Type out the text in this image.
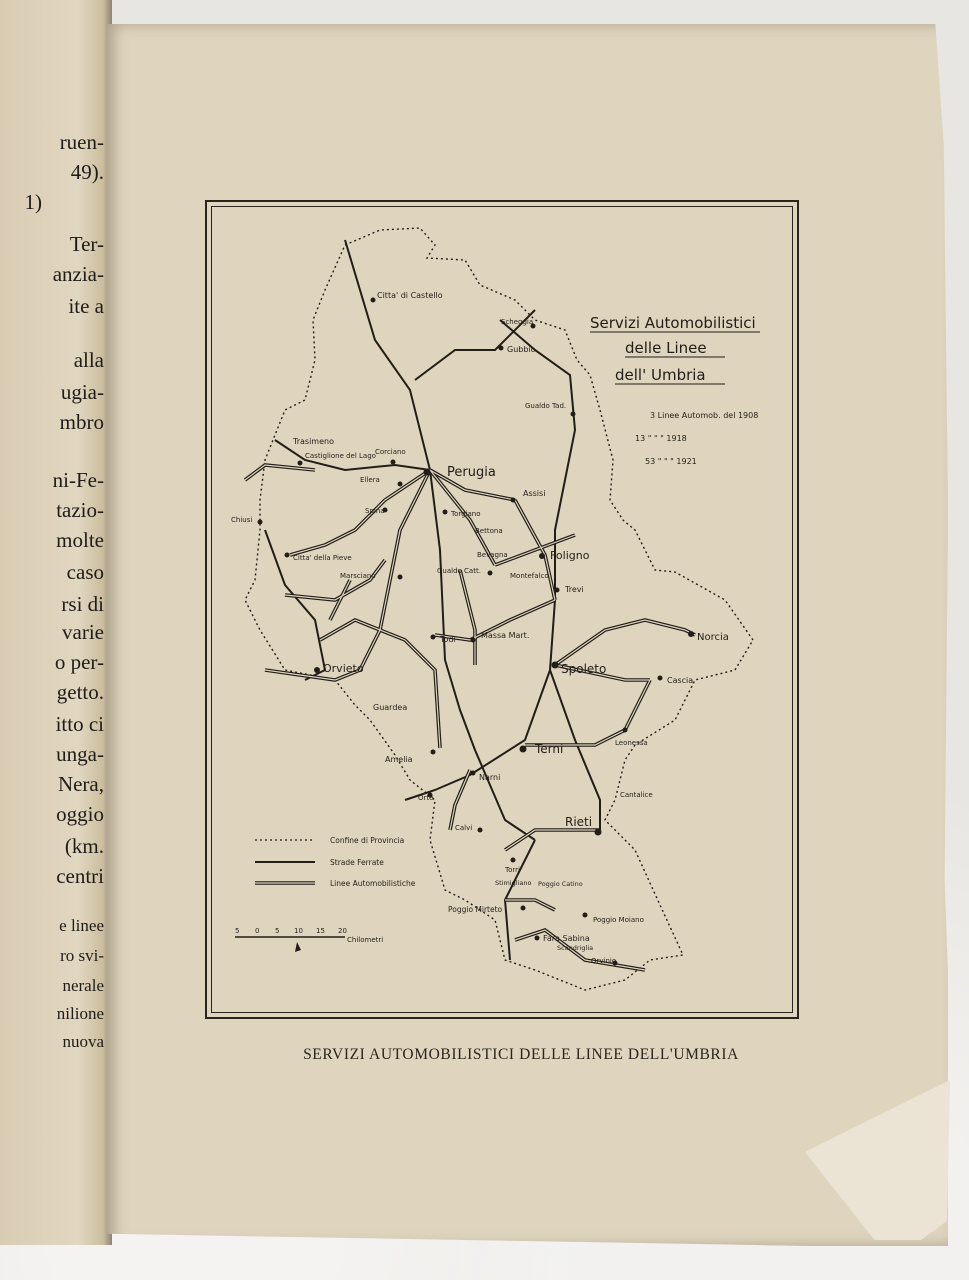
ruen-
49).
1)
Ter-
anzia-
ite a
alla
ugia-
mbro
ni-Fe-
tazio-
molte
caso
rsi di
varie
o per-
getto.
itto ci
unga-
Nera,
oggio
(km.
centri
e linee
ro svi-
nerale
nilione
nuova
Servizi Automobilistici
delle Linee
dell' Umbria
3 Linee Automob. del 1908
13 " " " 1918
53 " " " 1921
Citta' di Castello
Scheggia
Gubbio
Gualdo Tad.
Trasimeno
Castiglione del Lago Corciano
Ellera	Perugia
Assisi
Torgiano
Bettona
Chiusi
Spina
Citta' della Pieve
Marsciano
Bevagna
Gualdo Catt.
Montefalco
Foligno
Trevi
Todi	Massa Mart.	Norcia
Orvieto	Spoleto
Cascia
Guardea
Terni	Leonessa
Amelia
Narni
Orte	Cantalice
Calvi	Rieti
Torri
Stimigliano Poggio Catino
Poggio Mirteto
Poggio Moiano
Fara Sabina
Scandriglia
Orvinio
Confine di Provincia
Strade Ferrate
Linee Automobilistiche
5 0 5 10 15 20
Chilometri
SERVIZI AUTOMOBILISTICI DELLE LINEE DELL'UMBRIA
